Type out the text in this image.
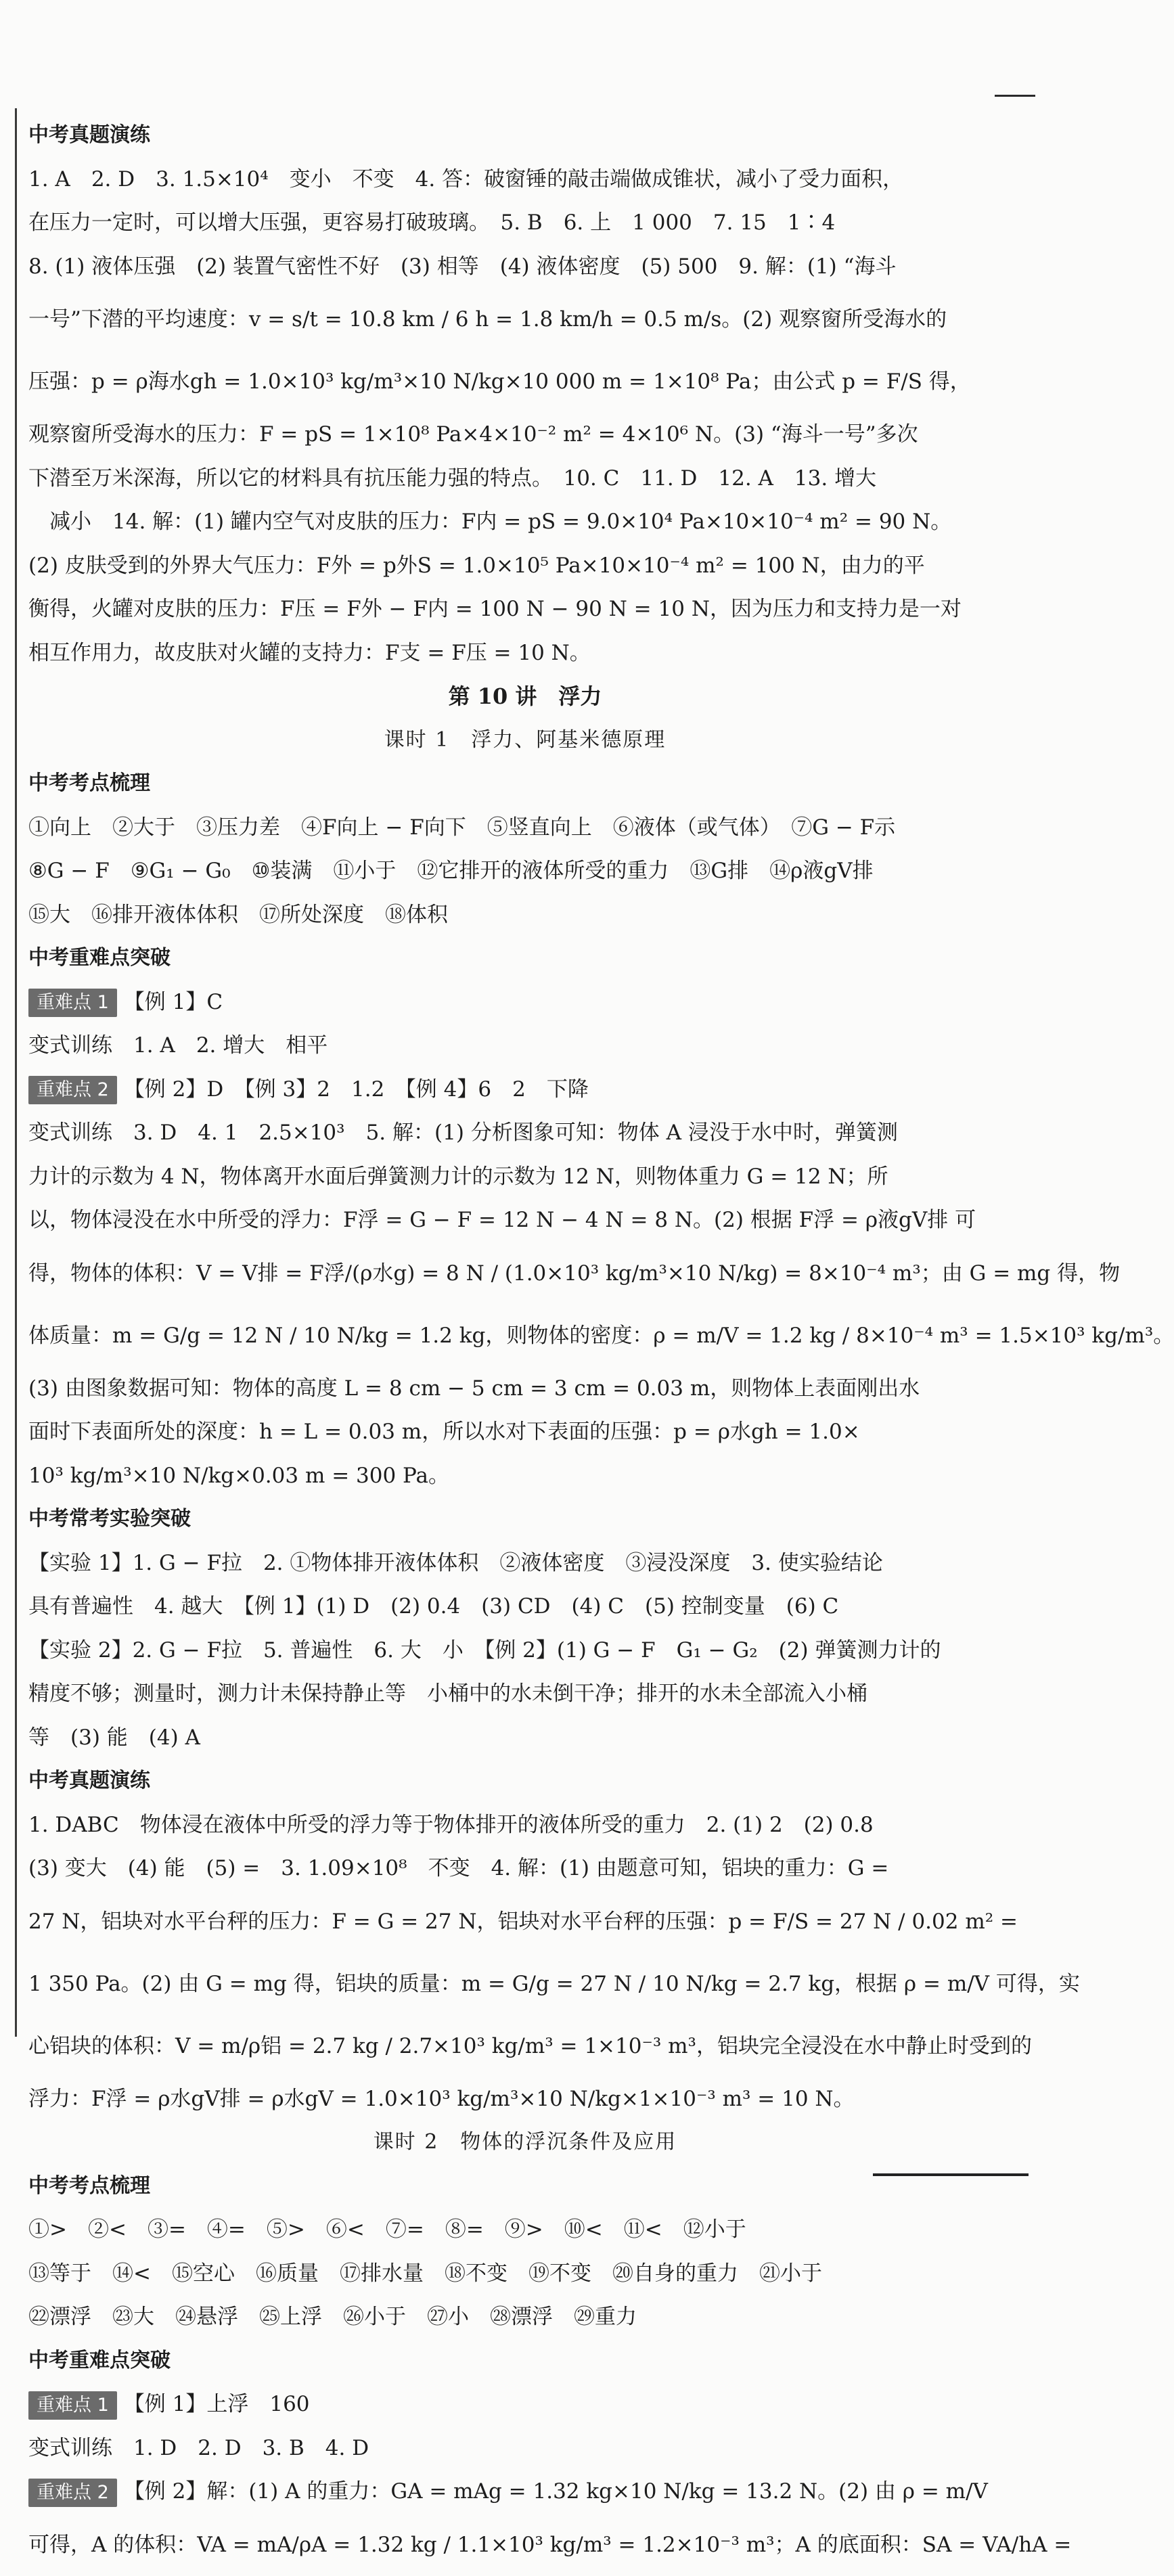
中考真题演练
1. A　2. D　3. 1.5×10⁴　变小　不变　4. 答：破窗锤的敲击端做成锥状，减小了受力面积，
在压力一定时，可以增大压强，更容易打破玻璃。　5. B　6. 上　1 000　7. 15　1∶4
8. (1) 液体压强　(2) 装置气密性不好　(3) 相等　(4) 液体密度　(5) 500　9. 解：(1) “海斗
一号”下潜的平均速度：v = s/t = 10.8 km / 6 h = 1.8 km/h = 0.5 m/s。(2) 观察窗所受海水的
压强：p = ρ海水gh = 1.0×10³ kg/m³×10 N/kg×10 000 m = 1×10⁸ Pa；由公式 p = F/S 得，
观察窗所受海水的压力：F = pS = 1×10⁸ Pa×4×10⁻² m² = 4×10⁶ N。(3) “海斗一号”多次
下潜至万米深海，所以它的材料具有抗压能力强的特点。　10. C　11. D　12. A　13. 增大
　减小　14. 解：(1) 罐内空气对皮肤的压力：F内 = pS = 9.0×10⁴ Pa×10×10⁻⁴ m² = 90 N。
(2) 皮肤受到的外界大气压力：F外 = p外S = 1.0×10⁵ Pa×10×10⁻⁴ m² = 100 N，由力的平
衡得，火罐对皮肤的压力：F压 = F外 − F内 = 100 N − 90 N = 10 N，因为压力和支持力是一对
相互作用力，故皮肤对火罐的支持力：F支 = F压 = 10 N。
第 10 讲　浮力
课时 1　浮力、阿基米德原理
中考考点梳理
①向上　②大于　③压力差　④F向上 − F向下　⑤竖直向上　⑥液体（或气体）　⑦G − F示
⑧G − F　⑨G₁ − G₀　⑩装满　⑪小于　⑫它排开的液体所受的重力　⑬G排　⑭ρ液gV排
⑮大　⑯排开液体体积　⑰所处深度　⑱体积
中考重难点突破
重难点 1 【例 1】C
变式训练　1. A　2. 增大　相平
重难点 2 【例 2】D　【例 3】2　1.2　【例 4】6　2　下降
变式训练　3. D　4. 1　2.5×10³　5. 解：(1) 分析图象可知：物体 A 浸没于水中时，弹簧测
力计的示数为 4 N，物体离开水面后弹簧测力计的示数为 12 N，则物体重力 G = 12 N；所
以，物体浸没在水中所受的浮力：F浮 = G − F = 12 N − 4 N = 8 N。(2) 根据 F浮 = ρ液gV排 可
得，物体的体积：V = V排 = F浮/(ρ水g) = 8 N / (1.0×10³ kg/m³×10 N/kg) = 8×10⁻⁴ m³；由 G = mg 得，物
体质量：m = G/g = 12 N / 10 N/kg = 1.2 kg，则物体的密度：ρ = m/V = 1.2 kg / 8×10⁻⁴ m³ = 1.5×10³ kg/m³。
(3) 由图象数据可知：物体的高度 L = 8 cm − 5 cm = 3 cm = 0.03 m，则物体上表面刚出水
面时下表面所处的深度：h = L = 0.03 m，所以水对下表面的压强：p = ρ水gh = 1.0×
10³ kg/m³×10 N/kg×0.03 m = 300 Pa。
中考常考实验突破
【实验 1】1. G − F拉　2. ①物体排开液体体积　②液体密度　③浸没深度　3. 使实验结论
具有普遍性　4. 越大　【例 1】(1) D　(2) 0.4　(3) CD　(4) C　(5) 控制变量　(6) C
【实验 2】2. G − F拉　5. 普遍性　6. 大　小　【例 2】(1) G − F　G₁ − G₂　(2) 弹簧测力计的
精度不够；测量时，测力计未保持静止等　小桶中的水未倒干净；排开的水未全部流入小桶
等　(3) 能　(4) A
中考真题演练
1. DABC　物体浸在液体中所受的浮力等于物体排开的液体所受的重力　2. (1) 2　(2) 0.8
(3) 变大　(4) 能　(5) =　3. 1.09×10⁸　不变　4. 解：(1) 由题意可知，铝块的重力：G =
27 N，铝块对水平台秤的压力：F = G = 27 N，铝块对水平台秤的压强：p = F/S = 27 N / 0.02 m² =
1 350 Pa。(2) 由 G = mg 得，铝块的质量：m = G/g = 27 N / 10 N/kg = 2.7 kg，根据 ρ = m/V 可得，实
心铝块的体积：V = m/ρ铝 = 2.7 kg / 2.7×10³ kg/m³ = 1×10⁻³ m³，铝块完全浸没在水中静止时受到的
浮力：F浮 = ρ水gV排 = ρ水gV = 1.0×10³ kg/m³×10 N/kg×1×10⁻³ m³ = 10 N。
课时 2　物体的浮沉条件及应用
中考考点梳理
①>　②<　③=　④=　⑤>　⑥<　⑦=　⑧=　⑨>　⑩<　⑪<　⑫小于
⑬等于　⑭<　⑮空心　⑯质量　⑰排水量　⑱不变　⑲不变　⑳自身的重力　㉑小于
㉒漂浮　㉓大　㉔悬浮　㉕上浮　㉖小于　㉗小　㉘漂浮　㉙重力
中考重难点突破
重难点 1 【例 1】上浮　160
变式训练　1. D　2. D　3. B　4. D
重难点 2 【例 2】解：(1) A 的重力：GA = mAg = 1.32 kg×10 N/kg = 13.2 N。(2) 由 ρ = m/V
可得，A 的体积：VA = mA/ρA = 1.32 kg / 1.1×10³ kg/m³ = 1.2×10⁻³ m³；A 的底面积：SA = VA/hA =
